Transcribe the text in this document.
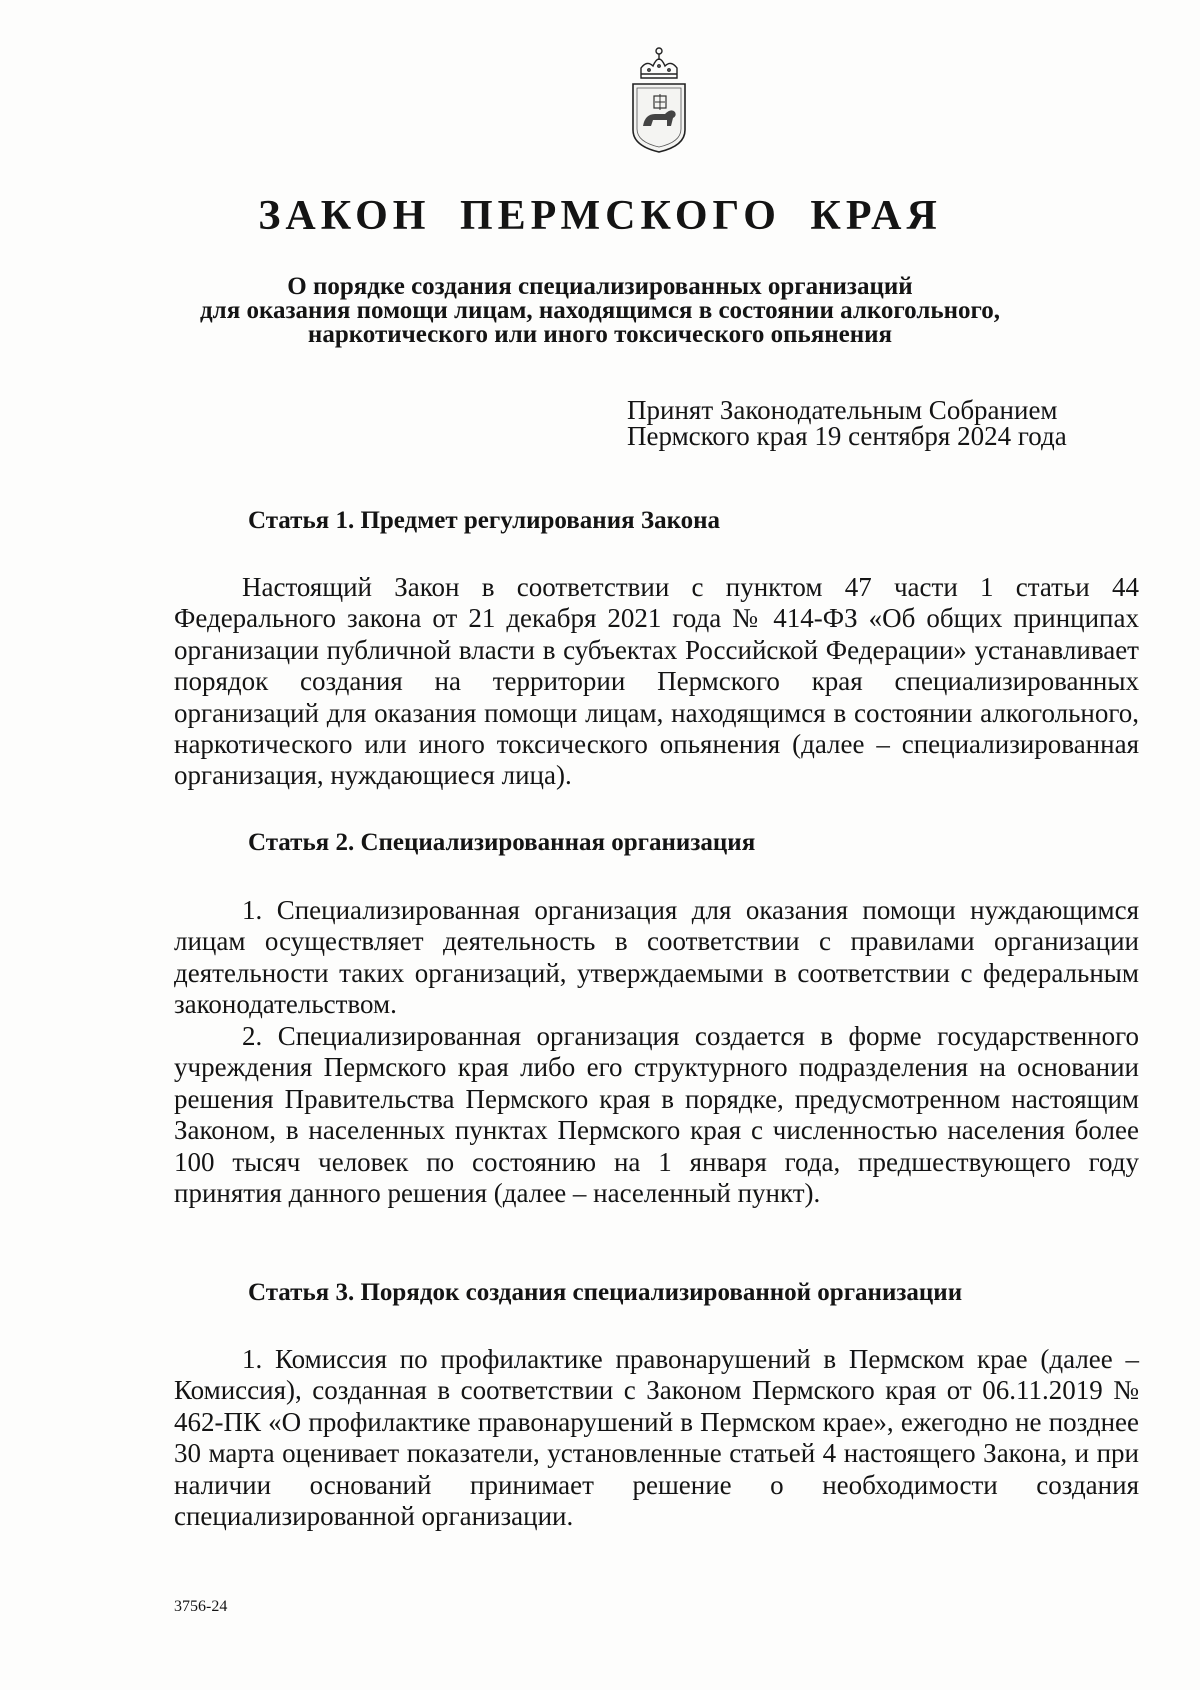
ЗАКОН ПЕРМСКОГО КРАЯ
О порядке создания специализированных организаций
для оказания помощи лицам, находящимся в состоянии алкогольного,
наркотического или иного токсического опьянения
Принят Законодательным Собранием
Пермского края 19 сентября 2024 года
Статья 1. Предмет регулирования Закона

Настоящий Закон в соответствии с пунктом 47 части 1 статьи 44 Федерального закона от 21 декабря 2021 года № 414-ФЗ «Об общих принципах организации публичной власти в субъектах Российской Федерации» устанавливает порядок создания на территории Пермского края специализированных организаций для оказания помощи лицам, находящимся в состоянии алкогольного, наркотического или иного токсического опьянения (далее – специализированная организация, нуждающиеся лица).

Статья 2. Специализированная организация

1. Специализированная организация для оказания помощи нуждающимся лицам осуществляет деятельность в соответствии с правилами организации деятельности таких организаций, утверждаемыми в соответствии с федеральным законодательством.

2. Специализированная организация создается в форме государственного учреждения Пермского края либо его структурного подразделения на основании решения Правительства Пермского края в порядке, предусмотренном настоящим Законом, в населенных пунктах Пермского края с численностью населения более 100 тысяч человек по состоянию на 1 января года, предшествующего году принятия данного решения (далее – населенный пункт).

Статья 3. Порядок создания специализированной организации

1. Комиссия по профилактике правонарушений в Пермском крае (далее – Комиссия), созданная в соответствии с Законом Пермского края от 06.11.2019 № 462-ПК «О профилактике правонарушений в Пермском крае», ежегодно не позднее 30 марта оценивает показатели, установленные статьей 4 настоящего Закона, и при наличии оснований принимает решение о необходимости создания специализированной организации.

3756-24
